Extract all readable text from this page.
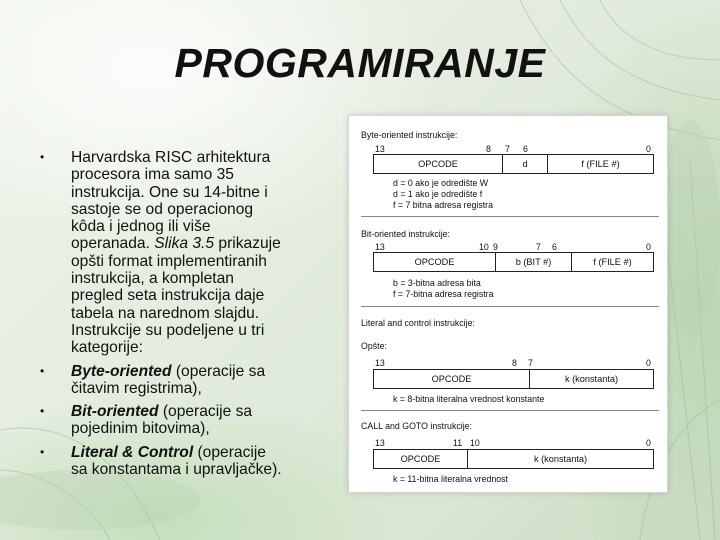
PROGRAMIRANJE
• Harvardska RISC arhitektura
procesora ima samo 35
instrukcija. One su 14-bitne i
sastoje se od operacionog
kôda i jednog ili više
operanada. Slika 3.5 prikazuje
opšti format implementiranih
instrukcija, a kompletan
pregled seta instrukcija daje
tabela na narednom slajdu.
Instrukcije su podeljene u tri
kategorije:
• Byte-oriented (operacije sa
čitavim registrima),
• Bit-oriented (operacije sa
pojedinim bitovima),
• Literal & Control (operacije
sa konstantama i upravljačke).
Byte-oriented instrukcije:
13	8 7 6	0
OPCODE	d	f (FILE #)
d = 0 ako je odredište W
d = 1 ako je odredište f
f = 7 bitna adresa registra
Bit-oriented instrukcije:
13	10 9	7 6	0
OPCODE	b (BIT #)	f (FILE #)
b = 3-bitna adresa bita
f = 7-bitna adresa registra
Literal and control instrukcije:
Opšte:
13	8 7	0
OPCODE	k (konstanta)
k = 8-bitna literalna vrednost konstante
CALL and GOTO instrukcije:
13	11 10	0
OPCODE	k (konstanta)
k = 11-bitna literalna vrednost
